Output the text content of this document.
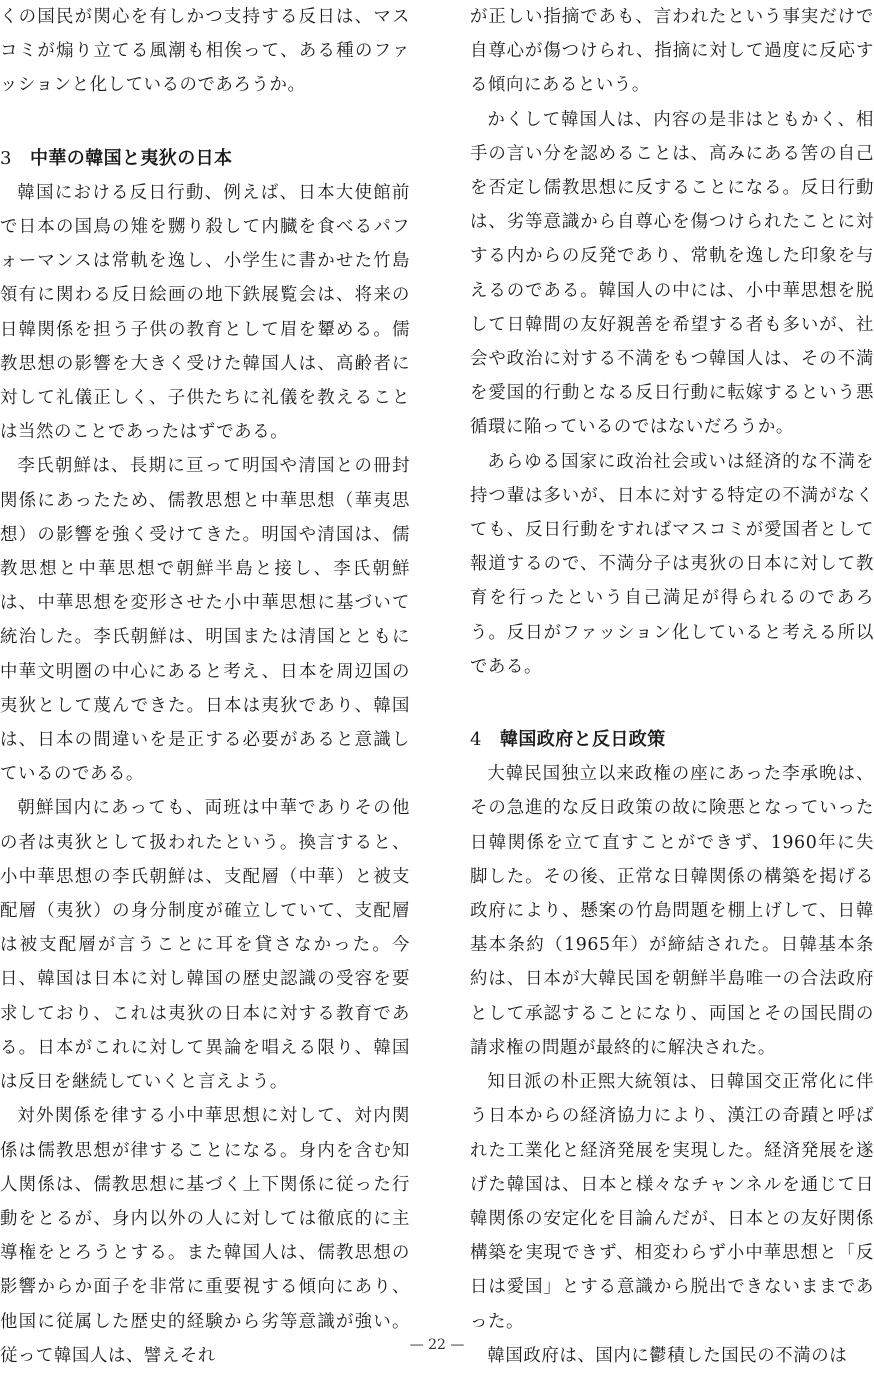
くの国民が関心を有しかつ支持する反日は、マスコミが煽り立てる風潮も相俟って、ある種のファッションと化しているのであろうか。

3 中華の韓国と夷狄の日本

韓国における反日行動、例えば、日本大使館前で日本の国鳥の雉を嬲り殺して内臓を食べるパフォーマンスは常軌を逸し、小学生に書かせた竹島領有に関わる反日絵画の地下鉄展覧会は、将来の日韓関係を担う子供の教育として眉を顰める。儒教思想の影響を大きく受けた韓国人は、高齢者に対して礼儀正しく、子供たちに礼儀を教えることは当然のことであったはずである。

李氏朝鮮は、長期に亘って明国や清国との冊封関係にあったため、儒教思想と中華思想（華夷思想）の影響を強く受けてきた。明国や清国は、儒教思想と中華思想で朝鮮半島と接し、李氏朝鮮は、中華思想を変形させた小中華思想に基づいて統治した。李氏朝鮮は、明国または清国とともに中華文明圏の中心にあると考え、日本を周辺国の夷狄として蔑んできた。日本は夷狄であり、韓国は、日本の間違いを是正する必要があると意識しているのである。

朝鮮国内にあっても、両班は中華でありその他の者は夷狄として扱われたという。換言すると、小中華思想の李氏朝鮮は、支配層（中華）と被支配層（夷狄）の身分制度が確立していて、支配層は被支配層が言うことに耳を貸さなかった。今日、韓国は日本に対し韓国の歴史認識の受容を要求しており、これは夷狄の日本に対する教育である。日本がこれに対して異論を唱える限り、韓国は反日を継続していくと言えよう。

対外関係を律する小中華思想に対して、対内関係は儒教思想が律することになる。身内を含む知人関係は、儒教思想に基づく上下関係に従った行動をとるが、身内以外の人に対しては徹底的に主導権をとろうとする。また韓国人は、儒教思想の影響からか面子を非常に重要視する傾向にあり、他国に従属した歴史的経験から劣等意識が強い。従って韓国人は、譬えそれ

が正しい指摘であも、言われたという事実だけで自尊心が傷つけられ、指摘に対して過度に反応する傾向にあるという。

かくして韓国人は、内容の是非はともかく、相手の言い分を認めることは、高みにある筈の自己を否定し儒教思想に反することになる。反日行動は、劣等意識から自尊心を傷つけられたことに対する内からの反発であり、常軌を逸した印象を与えるのである。韓国人の中には、小中華思想を脱して日韓間の友好親善を希望する者も多いが、社会や政治に対する不満をもつ韓国人は、その不満を愛国的行動となる反日行動に転嫁するという悪循環に陥っているのではないだろうか。

あらゆる国家に政治社会或いは経済的な不満を持つ輩は多いが、日本に対する特定の不満がなくても、反日行動をすればマスコミが愛国者として報道するので、不満分子は夷狄の日本に対して教育を行ったという自己満足が得られるのであろう。反日がファッション化していると考える所以である。

4 韓国政府と反日政策

大韓民国独立以来政権の座にあった李承晩は、その急進的な反日政策の故に険悪となっていった日韓関係を立て直すことができず、1960年に失脚した。その後、正常な日韓関係の構築を掲げる政府により、懸案の竹島問題を棚上げして、日韓基本条約（1965年）が締結された。日韓基本条約は、日本が大韓民国を朝鮮半島唯一の合法政府として承認することになり、両国とその国民間の請求権の問題が最終的に解決された。

知日派の朴正煕大統領は、日韓国交正常化に伴う日本からの経済協力により、漢江の奇蹟と呼ばれた工業化と経済発展を実現した。経済発展を遂げた韓国は、日本と様々なチャンネルを通じて日韓関係の安定化を目論んだが、日本との友好関係構築を実現できず、相変わらず小中華思想と「反日は愛国」とする意識から脱出できないままであった。

韓国政府は、国内に鬱積した国民の不満のは

— 22 —
